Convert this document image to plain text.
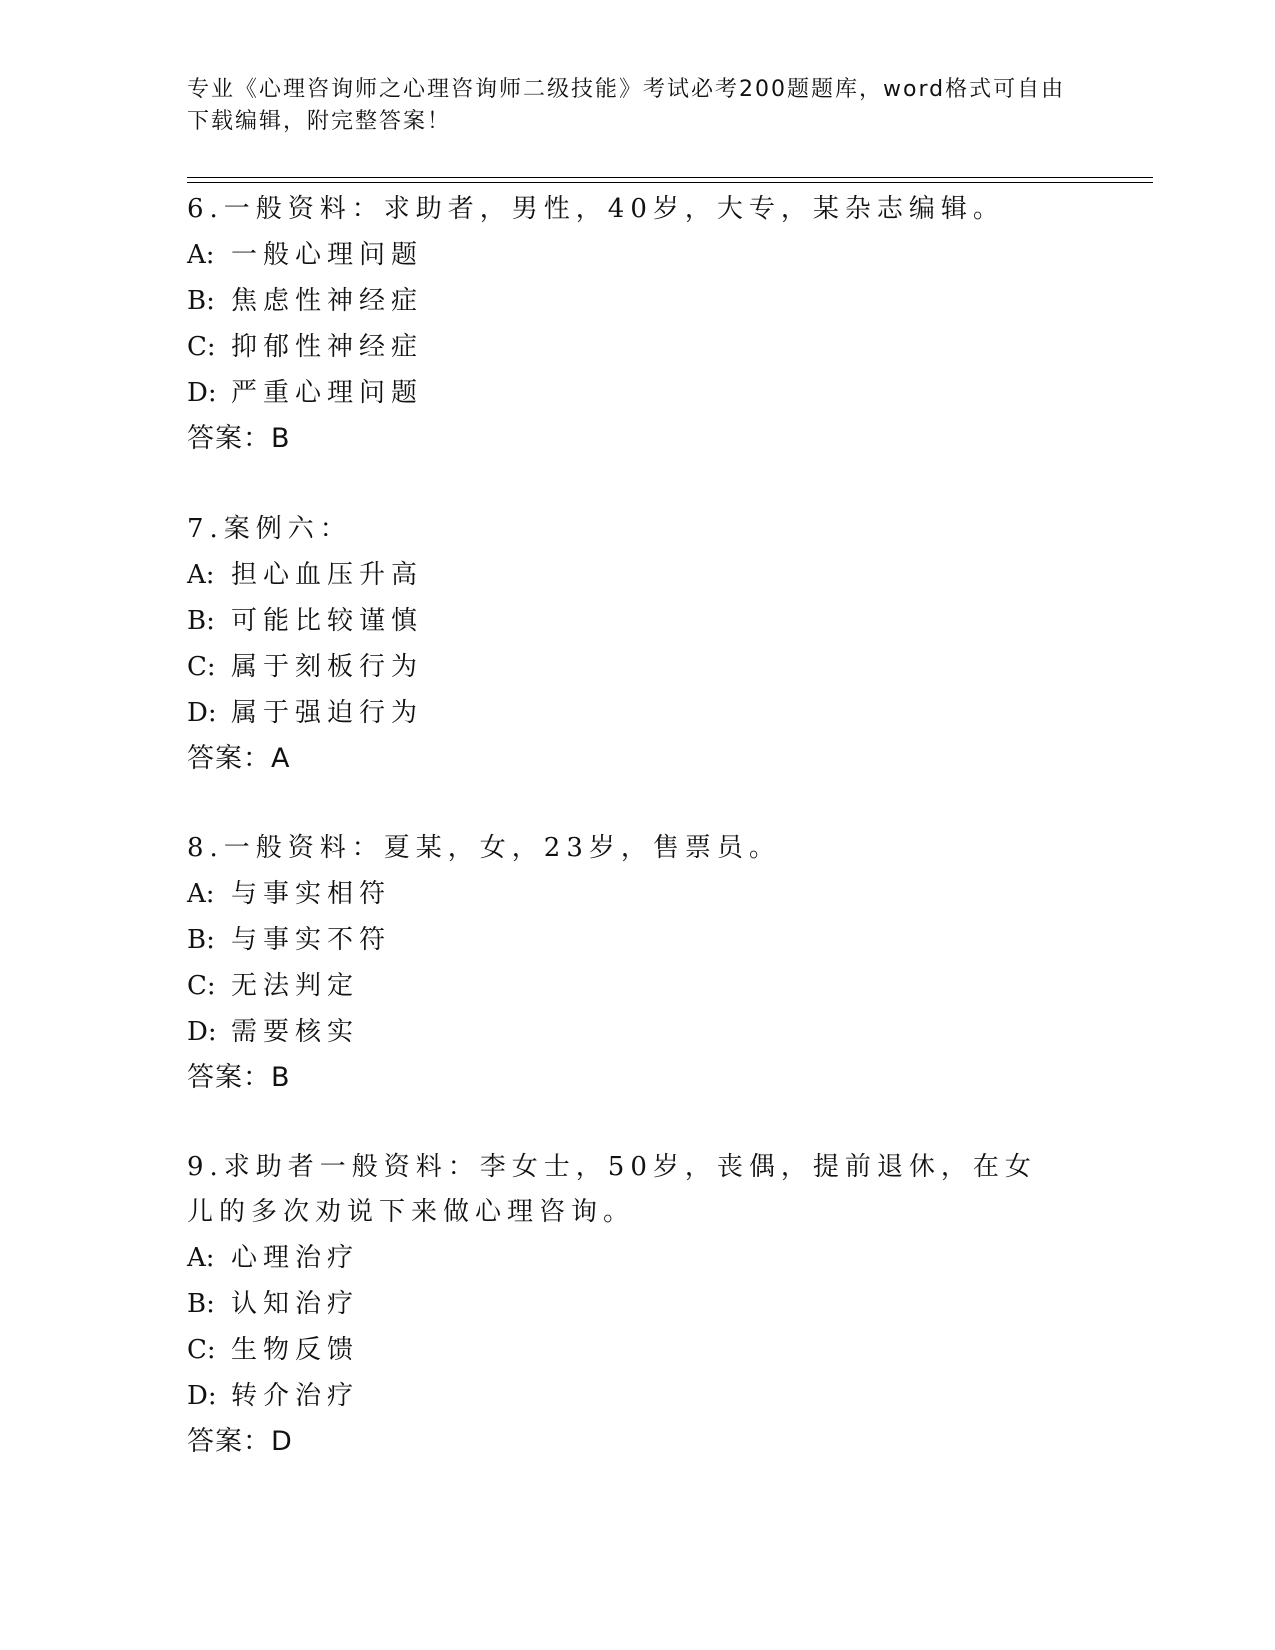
专业《心理咨询师之心理咨询师二级技能》考试必考200题题库，word格式可自由下载编辑，附完整答案！
6.一般资料：求助者，男性，40岁，大专，某杂志编辑。
A: 一般心理问题
B: 焦虑性神经症
C: 抑郁性神经症
D: 严重心理问题
答案：B
7.案例六：
A: 担心血压升高
B: 可能比较谨慎
C: 属于刻板行为
D: 属于强迫行为
答案：A
8.一般资料：夏某，女，23岁，售票员。
A: 与事实相符
B: 与事实不符
C: 无法判定
D: 需要核实
答案：B
9.求助者一般资料：李女士，50岁，丧偶，提前退休，在女儿的多次劝说下来做心理咨询。
A: 心理治疗
B: 认知治疗
C: 生物反馈
D: 转介治疗
答案：D
